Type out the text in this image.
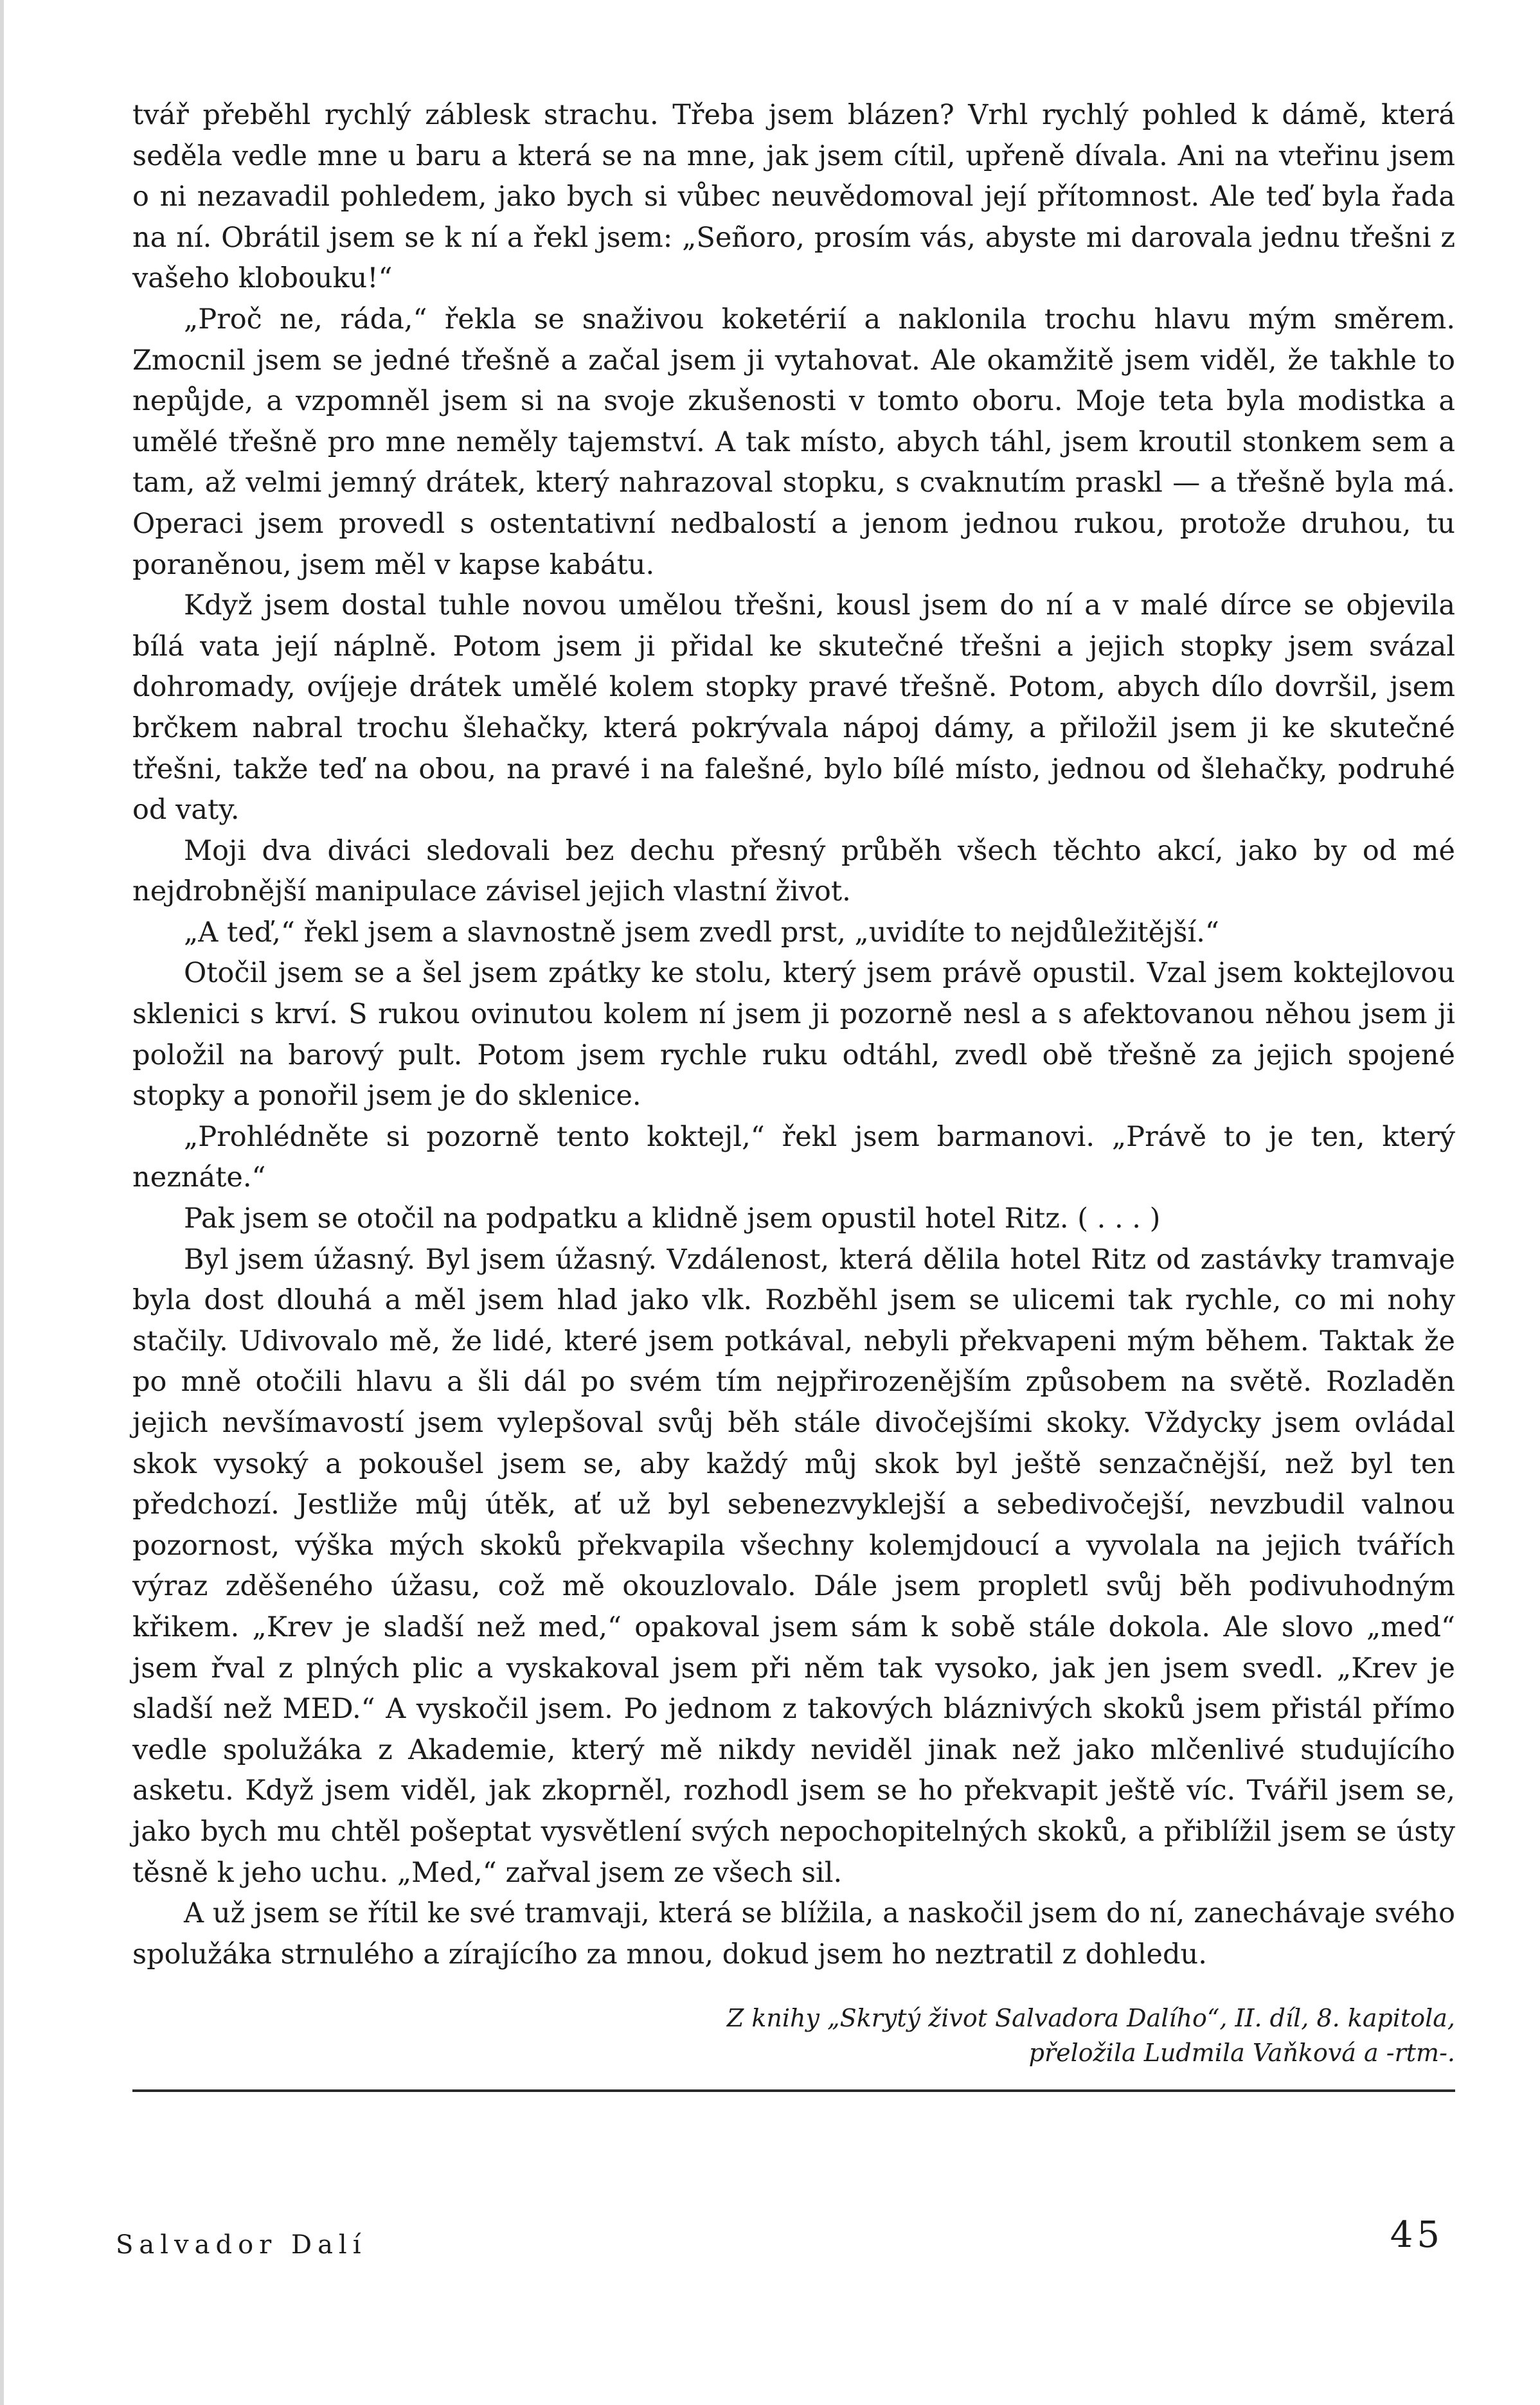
tvář přeběhl rychlý záblesk strachu. Třeba jsem blázen? Vrhl rychlý pohled k dámě, která seděla vedle mne u baru a která se na mne, jak jsem cítil, upřeně dívala. Ani na vteřinu jsem o ni nezavadil pohledem, jako bych si vůbec neuvědomoval její přítomnost. Ale teď byla řada na ní. Obrátil jsem se k ní a řekl jsem: „Señoro, prosím vás, abyste mi darovala jednu třešni z vašeho klobouku!“

„Proč ne, ráda,“ řekla se snaživou koketérií a naklonila trochu hlavu mým směrem. Zmocnil jsem se jedné třešně a začal jsem ji vytahovat. Ale okamžitě jsem viděl, že takhle to nepůjde, a vzpomněl jsem si na svoje zkušenosti v tomto oboru. Moje teta byla modistka a umělé třešně pro mne neměly tajemství. A tak místo, abych táhl, jsem kroutil stonkem sem a tam, až velmi jemný drátek, který nahrazoval stopku, s cvaknutím praskl — a třešně byla má. Operaci jsem provedl s ostentativní nedbalostí a jenom jednou rukou, protože druhou, tu poraněnou, jsem měl v kapse kabátu.

Když jsem dostal tuhle novou umělou třešni, kousl jsem do ní a v malé dírce se objevila bílá vata její náplně. Potom jsem ji přidal ke skutečné třešni a jejich stopky jsem svázal dohromady, ovíjeje drátek umělé kolem stopky pravé třešně. Potom, abych dílo dovršil, jsem brčkem nabral trochu šlehačky, která pokrývala nápoj dámy, a přiložil jsem ji ke skutečné třešni, takže teď na obou, na pravé i na falešné, bylo bílé místo, jednou od šlehačky, podruhé od vaty.

Moji dva diváci sledovali bez dechu přesný průběh všech těchto akcí, jako by od mé nejdrobnější manipulace závisel jejich vlastní život.

„A teď,“ řekl jsem a slavnostně jsem zvedl prst, „uvidíte to nejdůležitější.“

Otočil jsem se a šel jsem zpátky ke stolu, který jsem právě opustil. Vzal jsem koktejlovou sklenici s krví. S rukou ovinutou kolem ní jsem ji pozorně nesl a s afektovanou něhou jsem ji položil na barový pult. Potom jsem rychle ruku odtáhl, zvedl obě třešně za jejich spojené stopky a ponořil jsem je do sklenice.

„Prohlédněte si pozorně tento koktejl,“ řekl jsem barmanovi. „Právě to je ten, který neznáte.“

Pak jsem se otočil na podpatku a klidně jsem opustil hotel Ritz. ( . . . )

Byl jsem úžasný. Byl jsem úžasný. Vzdálenost, která dělila hotel Ritz od zastávky tramvaje byla dost dlouhá a měl jsem hlad jako vlk. Rozběhl jsem se ulicemi tak rychle, co mi nohy stačily. Udivovalo mě, že lidé, které jsem potkával, nebyli překvapeni mým během. Taktak že po mně otočili hlavu a šli dál po svém tím nejpřirozenějším způsobem na světě. Rozladěn jejich nevšímavostí jsem vylepšoval svůj běh stále divočejšími skoky. Vždycky jsem ovládal skok vysoký a pokoušel jsem se, aby každý můj skok byl ještě senzačnější, než byl ten předchozí. Jestliže můj útěk, ať už byl sebenezvyklejší a sebedivočejší, nevzbudil valnou pozornost, výška mých skoků překvapila všechny kolemjdoucí a vyvolala na jejich tvářích výraz zděšeného úžasu, což mě okouzlovalo. Dále jsem propletl svůj běh podivuhodným křikem. „Krev je sladší než med,“ opakoval jsem sám k sobě stále dokola. Ale slovo „med“ jsem řval z plných plic a vyskakoval jsem při něm tak vysoko, jak jen jsem svedl. „Krev je sladší než MED.“ A vyskočil jsem. Po jednom z takových bláznivých skoků jsem přistál přímo vedle spolužáka z Akademie, který mě nikdy neviděl jinak než jako mlčenlivé studujícího asketu. Když jsem viděl, jak zkoprněl, rozhodl jsem se ho překvapit ještě víc. Tvářil jsem se, jako bych mu chtěl pošeptat vysvětlení svých nepochopitelných skoků, a přiblížil jsem se ústy těsně k jeho uchu. „Med,“ zařval jsem ze všech sil.

A už jsem se řítil ke své tramvaji, která se blížila, a naskočil jsem do ní, zanechávaje svého spolužáka strnulého a zírajícího za mnou, dokud jsem ho neztratil z dohledu.

Z knihy „Skrytý život Salvadora Dalího“, II. díl, 8. kapitola,
přeložila Ludmila Vaňková a -rtm-.
Salvador Dalí	45
